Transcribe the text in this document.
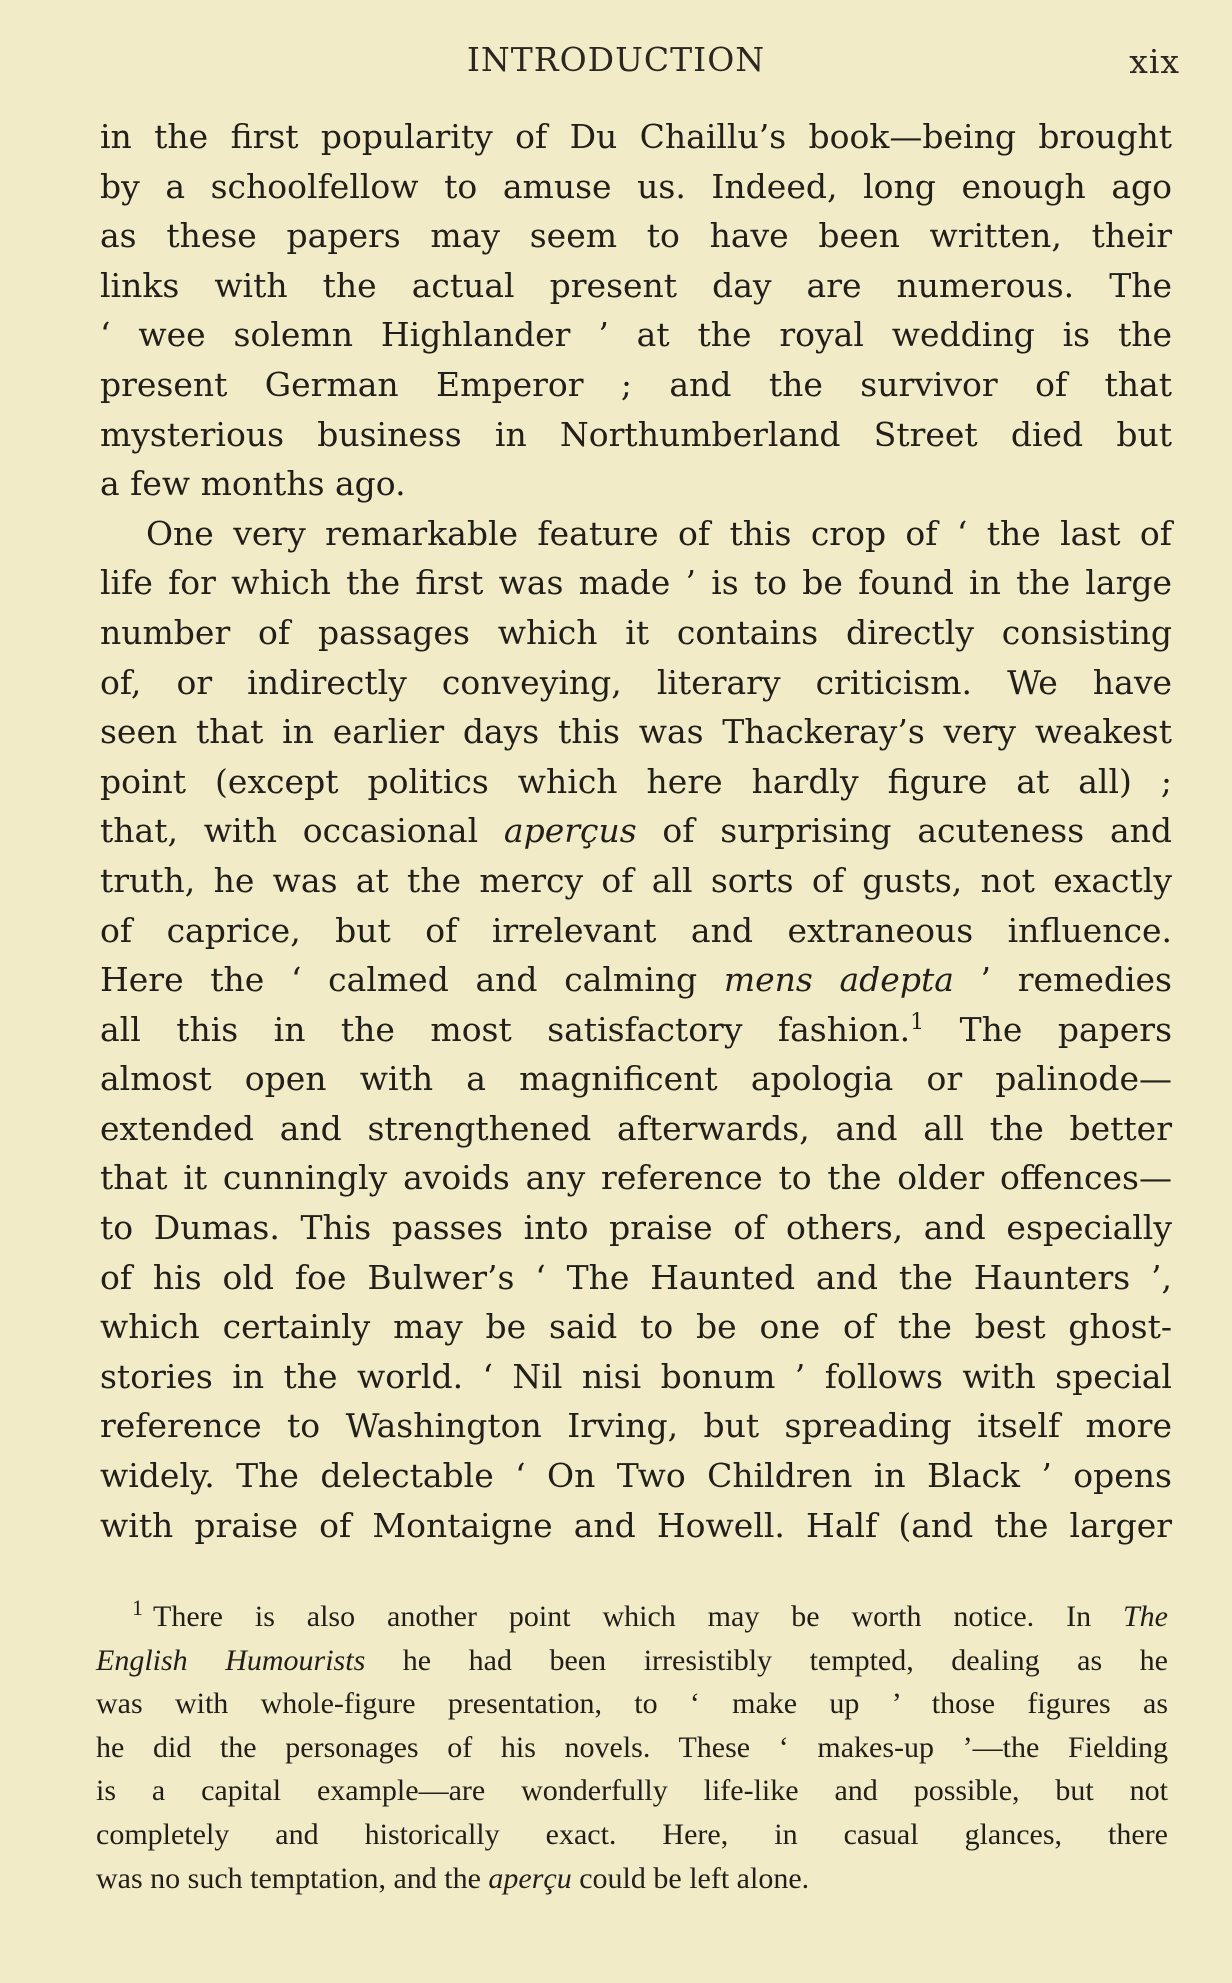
INTRODUCTION	xix
in the first popularity of Du Chaillu’s book—being brought
by a schoolfellow to amuse us. Indeed, long enough ago
as these papers may seem to have been written, their
links with the actual present day are numerous. The
‘ wee solemn Highlander ’ at the royal wedding is the
present German Emperor ; and the survivor of that
mysterious business in Northumberland Street died but
a few months ago.
One very remarkable feature of this crop of ‘ the last of
life for which the first was made ’ is to be found in the large
number of passages which it contains directly consisting
of, or indirectly conveying, literary criticism. We have
seen that in earlier days this was Thackeray’s very weakest
point (except politics which here hardly figure at all) ;
that, with occasional aperçus of surprising acuteness and
truth, he was at the mercy of all sorts of gusts, not exactly
of caprice, but of irrelevant and extraneous influence.
Here the ‘ calmed and calming mens adepta ’ remedies
all this in the most satisfactory fashion.$^1$ The papers
almost open with a magnificent apologia or palinode—
extended and strengthened afterwards, and all the better
that it cunningly avoids any reference to the older offences—
to Dumas. This passes into praise of others, and especially
of his old foe Bulwer’s ‘ The Haunted and the Haunters ’,
which certainly may be said to be one of the best ghost-
stories in the world. ‘ Nil nisi bonum ’ follows with special
reference to Washington Irving, but spreading itself more
widely. The delectable ‘ On Two Children in Black ’ opens
with praise of Montaigne and Howell. Half (and the larger
$^1$ There is also another point which may be worth notice. In The
English Humourists he had been irresistibly tempted, dealing as he
was with whole-figure presentation, to ‘ make up ’ those figures as
he did the personages of his novels. These ‘ makes-up ’—the Fielding
is a capital example—are wonderfully life-like and possible, but not
completely and historically exact. Here, in casual glances, there
was no such temptation, and the aperçu could be left alone.
